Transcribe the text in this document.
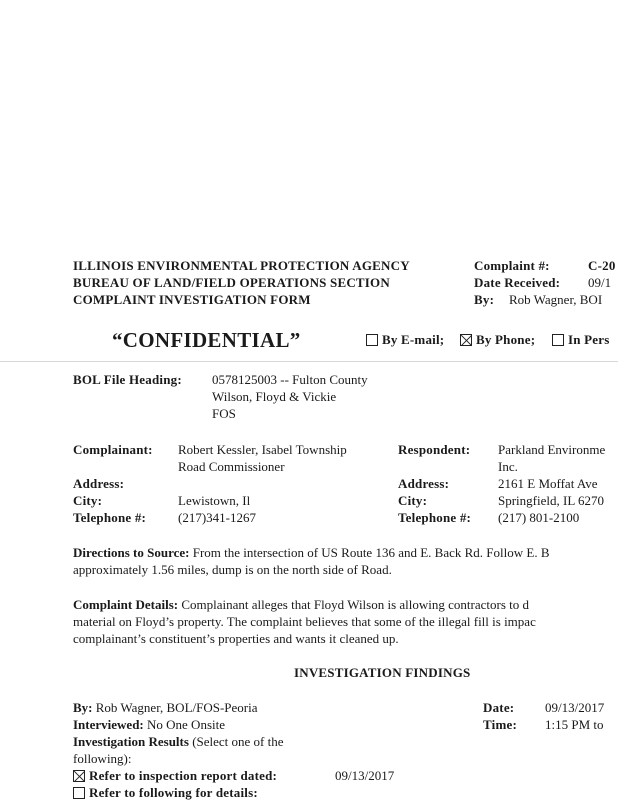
ILLINOIS ENVIRONMENTAL PROTECTION AGENCY
BUREAU OF LAND/FIELD OPERATIONS SECTION
COMPLAINT INVESTIGATION FORM
Complaint #:	C-20
Date Received: 09/1
By: Rob Wagner, BOI
“CONFIDENTIAL”	By E-mail;	By Phone;	In Pers
BOL File Heading: 0578125003 -- Fulton County
Wilson, Floyd & Vickie
FOS
Complainant: Robert Kessler, Isabel Township
Road Commissioner
Address:
City:	Lewistown, Il
Telephone #: (217)341-1267
Respondent: Parkland Environme
Inc.
Address:	2161 E Moffat Ave
City:	Springfield, IL 6270
Telephone #: (217) 801-2100
Directions to Source: From the intersection of US Route 136 and E. Back Rd. Follow E. B
approximately 1.56 miles, dump is on the north side of Road.
Complaint Details: Complainant alleges that Floyd Wilson is allowing contractors to d
material on Floyd’s property. The complaint believes that some of the illegal fill is impac
complainant’s constituent’s properties and wants it cleaned up.
INVESTIGATION FINDINGS
By: Rob Wagner, BOL/FOS-Peoria
Interviewed: No One Onsite
Investigation Results (Select one of the
following):
Date: 09/13/2017
Time: 1:15 PM to
Refer to inspection report dated:	09/13/2017
Refer to following for details:
